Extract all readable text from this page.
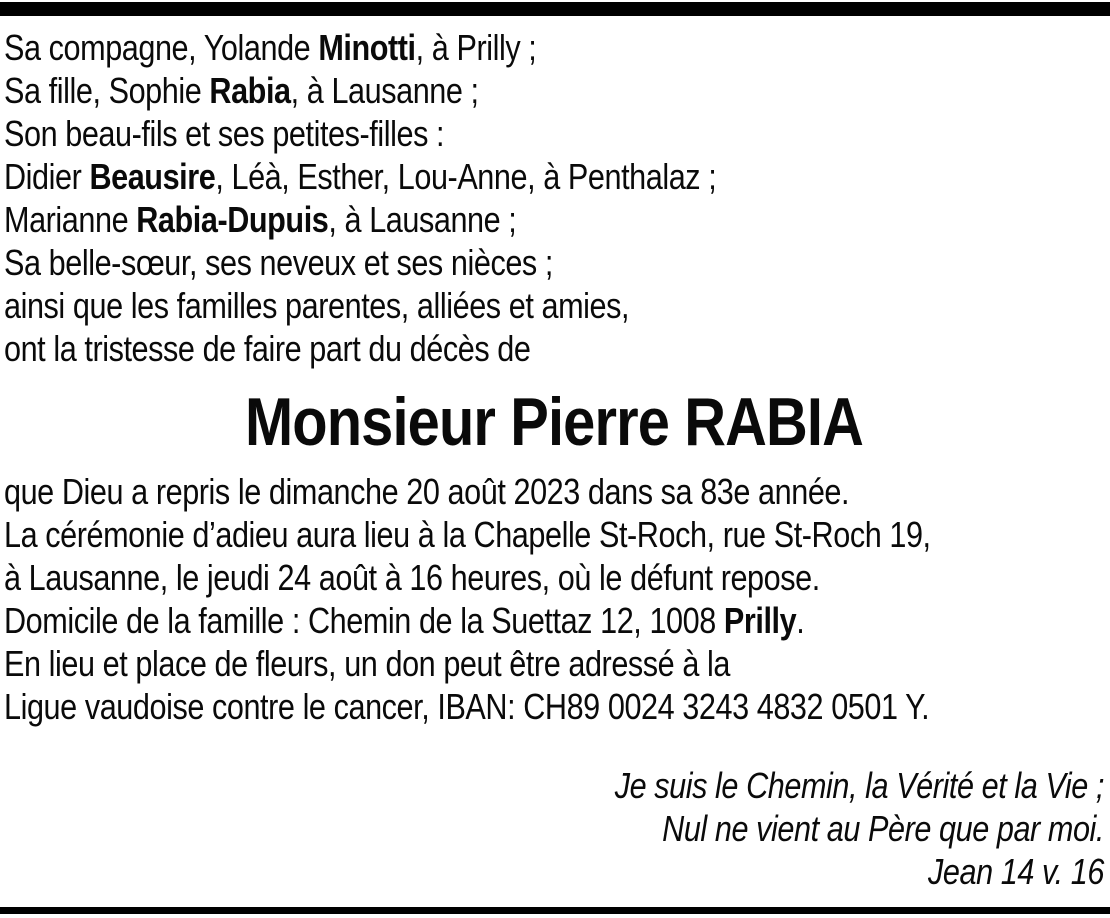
Sa compagne, Yolande Minotti, à Prilly ;
Sa fille, Sophie Rabia, à Lausanne ;
Son beau-fils et ses petites-filles :
Didier Beausire, Léà, Esther, Lou-Anne, à Penthalaz ;
Marianne Rabia-Dupuis, à Lausanne ;
Sa belle-sœur, ses neveux et ses nièces ;
ainsi que les familles parentes, alliées et amies,
ont la tristesse de faire part du décès de
Monsieur Pierre RABIA
que Dieu a repris le dimanche 20 août 2023 dans sa 83e année.
La cérémonie d’adieu aura lieu à la Chapelle St-Roch, rue St-Roch 19,
à Lausanne, le jeudi 24 août à 16 heures, où le défunt repose.
Domicile de la famille : Chemin de la Suettaz 12, 1008 Prilly.
En lieu et place de fleurs, un don peut être adressé à la
Ligue vaudoise contre le cancer, IBAN: CH89 0024 3243 4832 0501 Y.
Je suis le Chemin, la Vérité et la Vie ;
Nul ne vient au Père que par moi.
Jean 14 v. 16
